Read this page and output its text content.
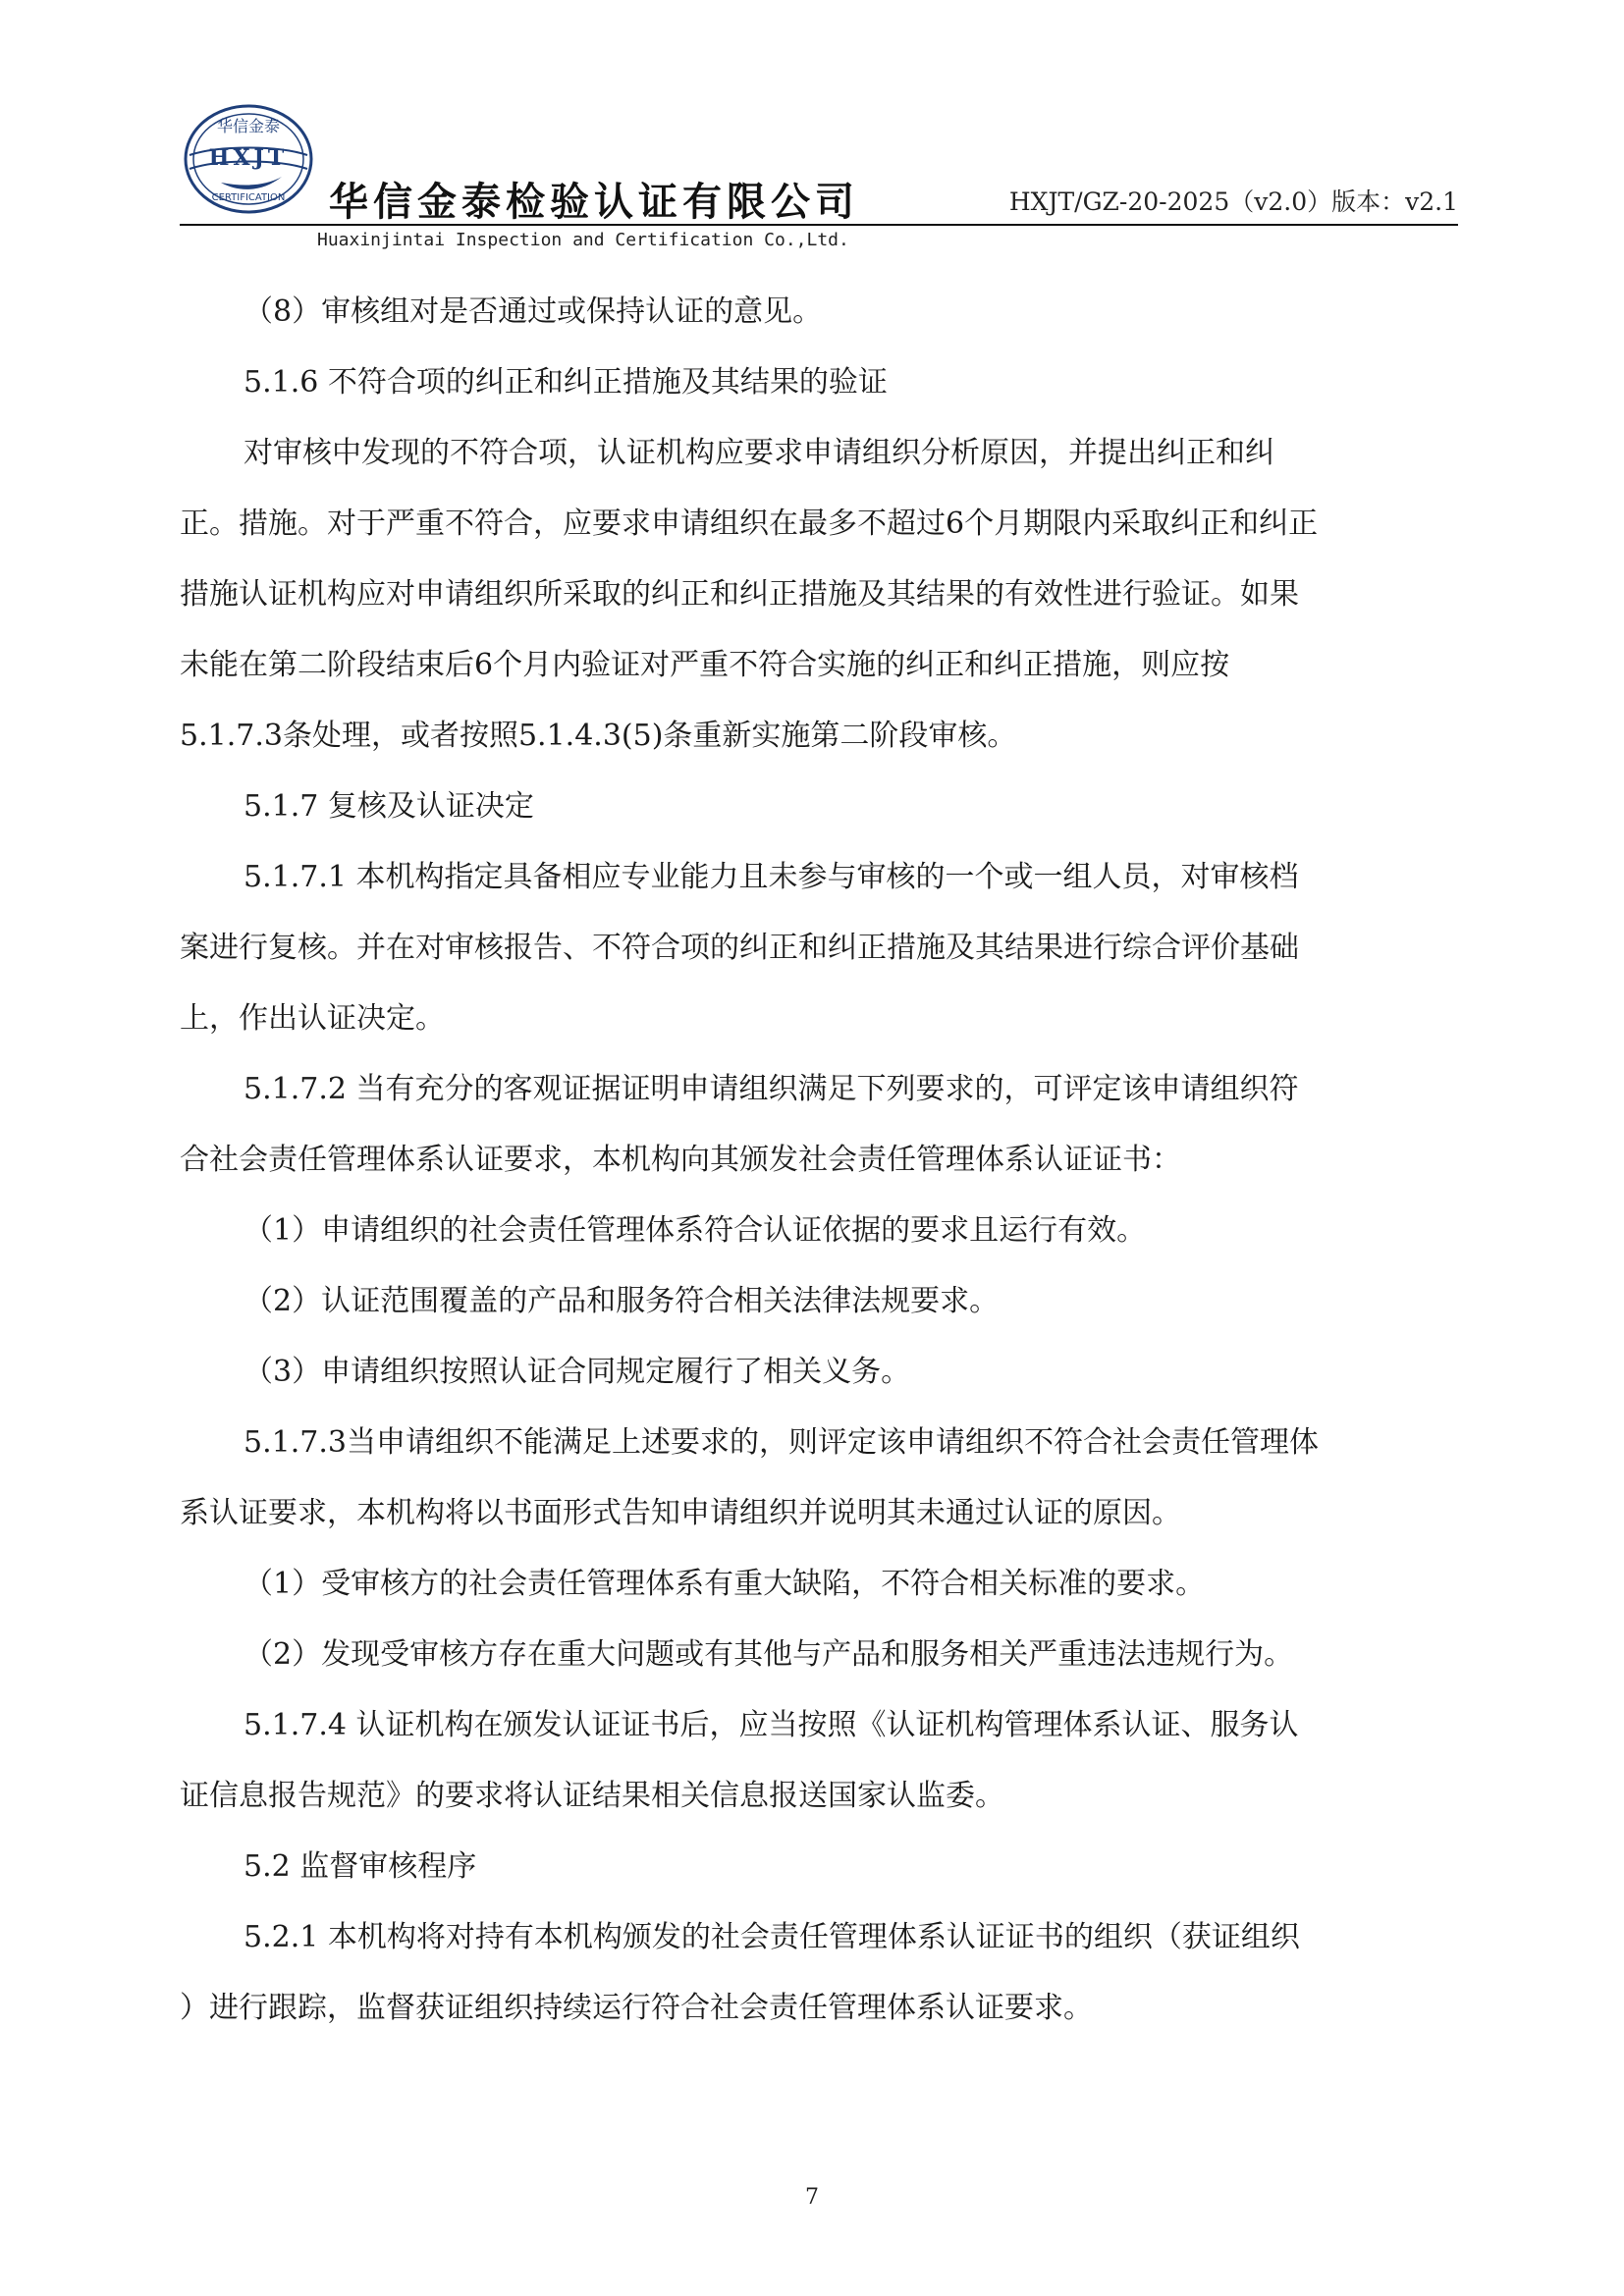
华信金泰
HXJT
CERTIFICATION 华信金泰检验认证有限公司	HXJT/GZ-20-2025（v2.0）版本：v2.1
Huaxinjintai Inspection and Certification Co.,Ltd.

（8）审核组对是否通过或保持认证的意见。

5.1.6 不符合项的纠正和纠正措施及其结果的验证

对审核中发现的不符合项，认证机构应要求申请组织分析原因，并提出纠正和纠

正。措施。对于严重不符合，应要求申请组织在最多不超过6个月期限内采取纠正和纠正

措施认证机构应对申请组织所采取的纠正和纠正措施及其结果的有效性进行验证。如果

未能在第二阶段结束后6个月内验证对严重不符合实施的纠正和纠正措施，则应按

5.1.7.3条处理，或者按照5.1.4.3(5)条重新实施第二阶段审核。

5.1.7 复核及认证决定

5.1.7.1 本机构指定具备相应专业能力且未参与审核的一个或一组人员，对审核档

案进行复核。并在对审核报告、不符合项的纠正和纠正措施及其结果进行综合评价基础

上，作出认证决定。

5.1.7.2 当有充分的客观证据证明申请组织满足下列要求的，可评定该申请组织符

合社会责任管理体系认证要求，本机构向其颁发社会责任管理体系认证证书：

（1）申请组织的社会责任管理体系符合认证依据的要求且运行有效。

（2）认证范围覆盖的产品和服务符合相关法律法规要求。

（3）申请组织按照认证合同规定履行了相关义务。

5.1.7.3当申请组织不能满足上述要求的，则评定该申请组织不符合社会责任管理体

系认证要求，本机构将以书面形式告知申请组织并说明其未通过认证的原因。

（1）受审核方的社会责任管理体系有重大缺陷，不符合相关标准的要求。

（2）发现受审核方存在重大问题或有其他与产品和服务相关严重违法违规行为。

5.1.7.4 认证机构在颁发认证证书后，应当按照《认证机构管理体系认证、服务认

证信息报告规范》的要求将认证结果相关信息报送国家认监委。

5.2 监督审核程序

5.2.1 本机构将对持有本机构颁发的社会责任管理体系认证证书的组织（获证组织

）进行跟踪，监督获证组织持续运行符合社会责任管理体系认证要求。

7
